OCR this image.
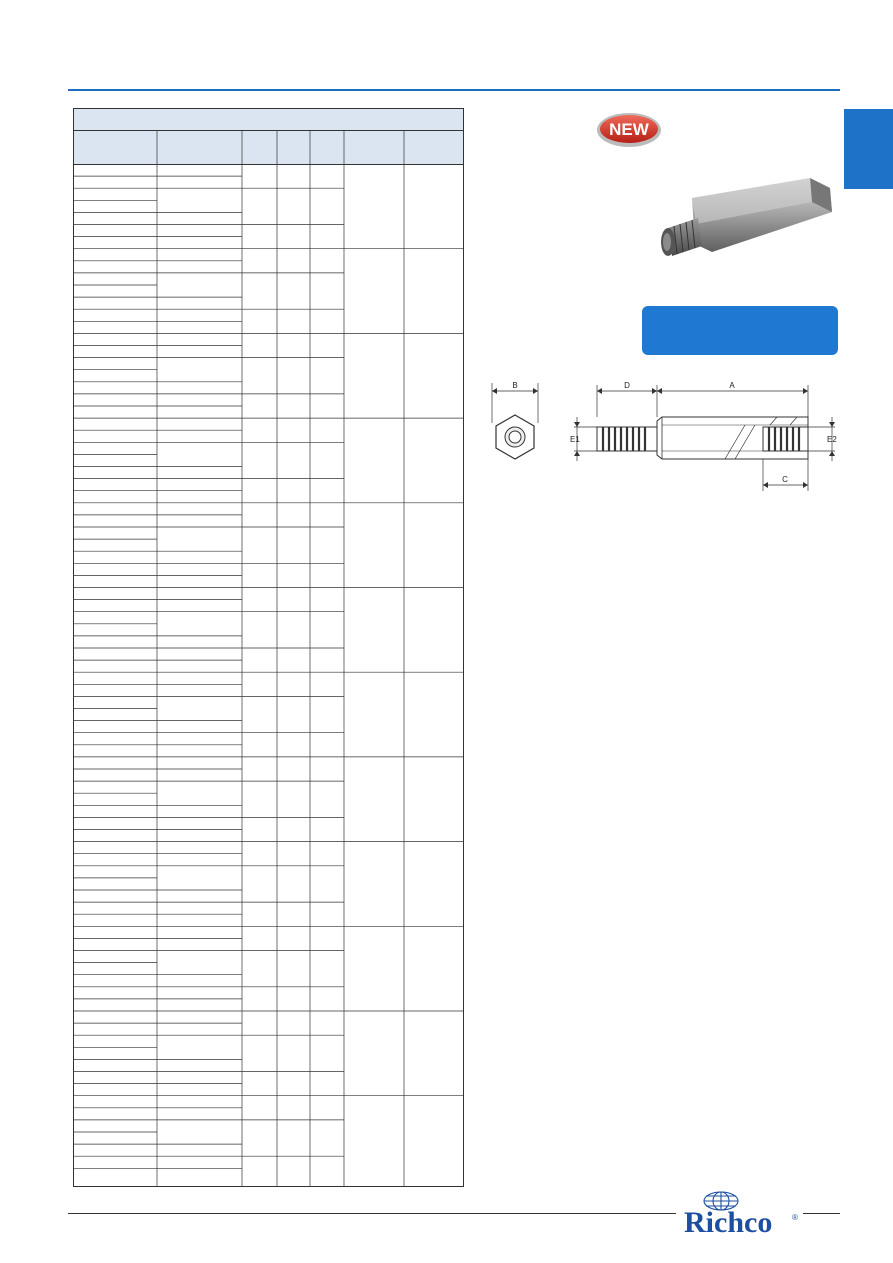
NEW
B	D	A
E1	E2
C
Richco ®
